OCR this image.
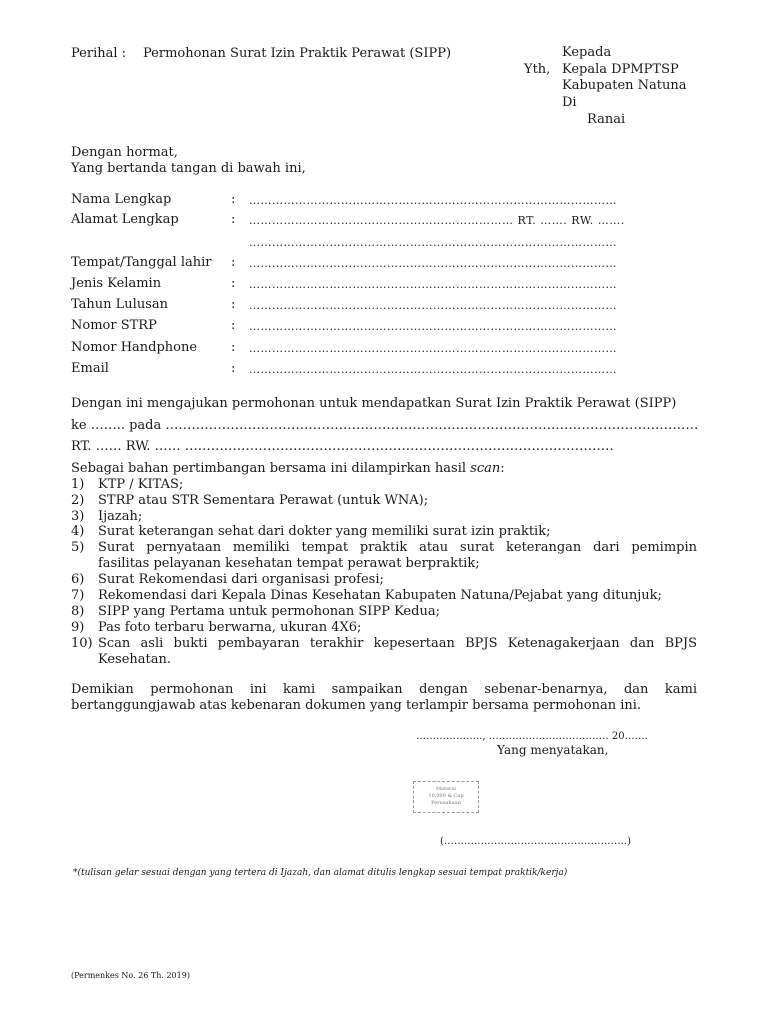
Perihal : Permohonan Surat Izin Praktik Perawat (SIPP)	Kepada
Yth, Kepala DPMPTSP
Kabupaten Natuna
Di
Ranai
Dengan hormat,
Yang bertanda tangan di bawah ini,
Nama Lengkap	: ……………………………………………………………………………………
Alamat Lengkap	: …………………………………………………………… RT. ……. RW. …….
……………………………………………………………………………………
Tempat/Tanggal lahir : ……………………………………………………………………………………
Jenis Kelamin	: ……………………………………………………………………………………
Tahun Lulusan	: ……………………………………………………………………………………
Nomor STRP	: ……………………………………………………………………………………
Nomor Handphone	: ……………………………………………………………………………………
Email	: ……………………………………………………………………………………
Dengan ini mengajukan permohonan untuk mendapatkan Surat Izin Praktik Perawat (SIPP)
ke …….. pada ……………………………………………………………………………………………………………
RT. …… RW. …… ………………………………………………………………………………………
Sebagai bahan pertimbangan bersama ini dilampirkan hasil scan:
1) KTP / KITAS;
2) STRP atau STR Sementara Perawat (untuk WNA);
3) Ijazah;
4) Surat keterangan sehat dari dokter yang memiliki surat izin praktik;
5) Surat pernyataan memiliki tempat praktik atau surat keterangan dari pemimpin
fasilitas pelayanan kesehatan tempat perawat berpraktik;
6) Surat Rekomendasi dari organisasi profesi;
7) Rekomendasi dari Kepala Dinas Kesehatan Kabupaten Natuna/Pejabat yang ditunjuk;
8) SIPP yang Pertama untuk permohonan SIPP Kedua;
9) Pas foto terbaru berwarna, ukuran 4X6;
10) Scan asli bukti pembayaran terakhir kepesertaan BPJS Ketenagakerjaan dan BPJS
Kesehatan.
Demikian permohonan ini kami sampaikan dengan sebenar-benarnya, dan kami
bertanggungjawab atas kebenaran dokumen yang terlampir bersama permohonan ini.
……………….., ……………………………… 20…….
Yang menyatakan,
Materai
10.000 & Cap
Perusahaan
(……………………………………………….)
*(tulisan gelar sesuai dengan yang tertera di Ijazah, dan alamat ditulis lengkap sesuai tempat praktik/kerja)
(Permenkes No. 26 Th. 2019)
